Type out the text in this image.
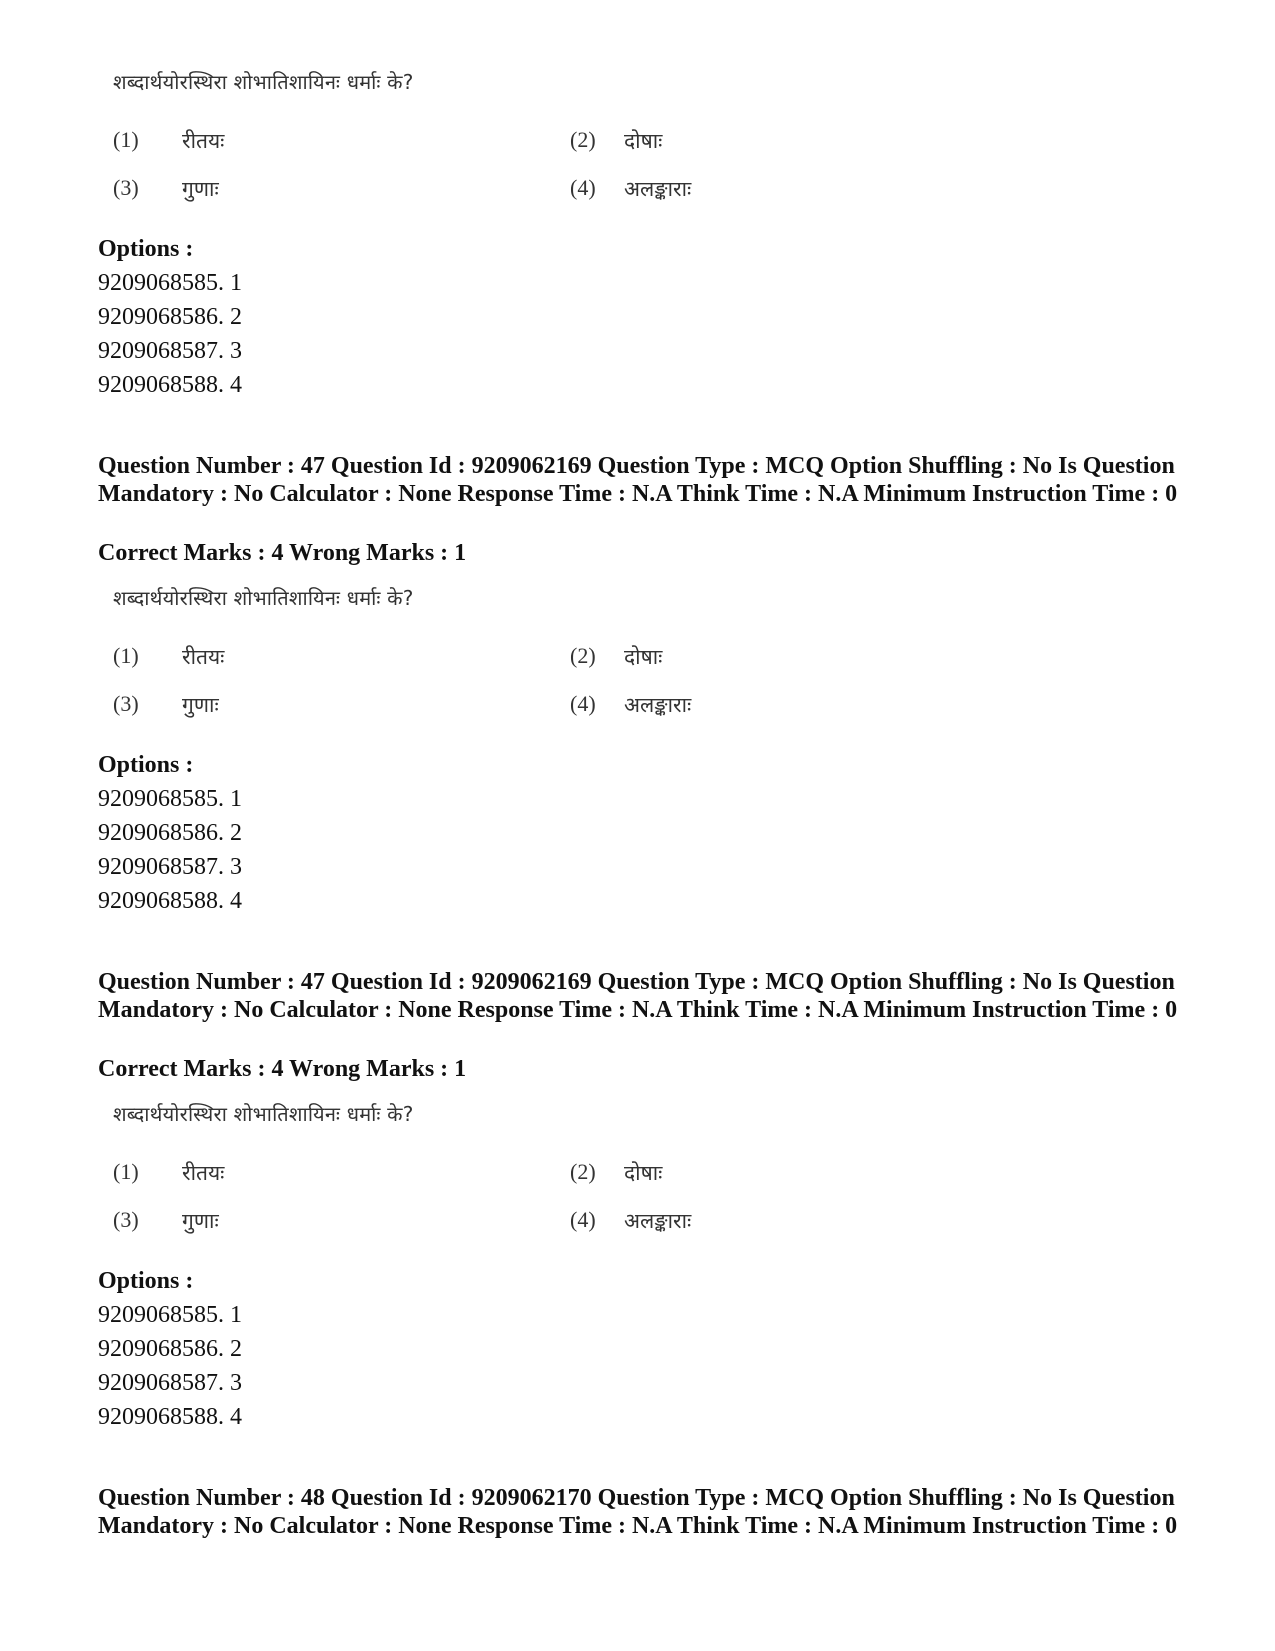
शब्दार्थयोरस्थिरा शोभातिशायिनः धर्माः के?
(1) रीतयः	(2) दोषाः
(3) गुणाः	(4) अलङ्काराः
Options :
9209068585. 1
9209068586. 2
9209068587. 3
9209068588. 4
Question Number : 47 Question Id : 9209062169 Question Type : MCQ Option Shuffling : No Is Question Mandatory : No Calculator : None Response Time : N.A Think Time : N.A Minimum Instruction Time : 0
Correct Marks : 4 Wrong Marks : 1
शब्दार्थयोरस्थिरा शोभातिशायिनः धर्माः के?
(1) रीतयः	(2) दोषाः
(3) गुणाः	(4) अलङ्काराः
Options :
9209068585. 1
9209068586. 2
9209068587. 3
9209068588. 4
Question Number : 47 Question Id : 9209062169 Question Type : MCQ Option Shuffling : No Is Question Mandatory : No Calculator : None Response Time : N.A Think Time : N.A Minimum Instruction Time : 0
Correct Marks : 4 Wrong Marks : 1
शब्दार्थयोरस्थिरा शोभातिशायिनः धर्माः के?
(1) रीतयः	(2) दोषाः
(3) गुणाः	(4) अलङ्काराः
Options :
9209068585. 1
9209068586. 2
9209068587. 3
9209068588. 4
Question Number : 48 Question Id : 9209062170 Question Type : MCQ Option Shuffling : No Is Question Mandatory : No Calculator : None Response Time : N.A Think Time : N.A Minimum Instruction Time : 0
